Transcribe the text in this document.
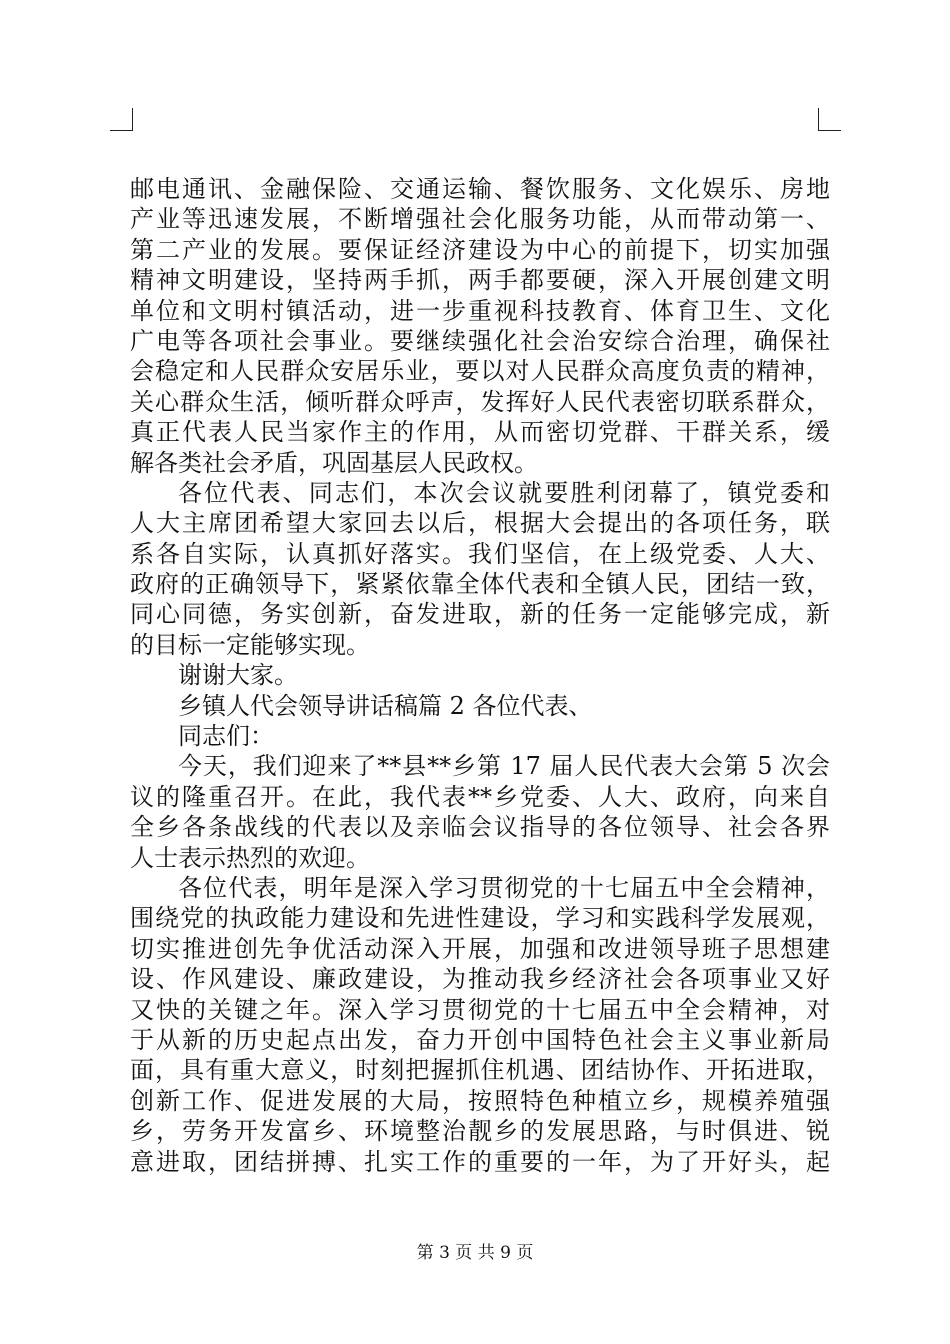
邮电通讯、金融保险、交通运输、餐饮服务、文化娱乐、房地
产业等迅速发展，不断增强社会化服务功能，从而带动第一、
第二产业的发展。要保证经济建设为中心的前提下，切实加强
精神文明建设，坚持两手抓，两手都要硬，深入开展创建文明
单位和文明村镇活动，进一步重视科技教育、体育卫生、文化
广电等各项社会事业。要继续强化社会治安综合治理，确保社
会稳定和人民群众安居乐业，要以对人民群众高度负责的精神，
关心群众生活，倾听群众呼声，发挥好人民代表密切联系群众，
真正代表人民当家作主的作用，从而密切党群、干群关系，缓
解各类社会矛盾，巩固基层人民政权。
各位代表、同志们，本次会议就要胜利闭幕了，镇党委和
人大主席团希望大家回去以后，根据大会提出的各项任务，联
系各自实际，认真抓好落实。我们坚信，在上级党委、人大、
政府的正确领导下，紧紧依靠全体代表和全镇人民，团结一致，
同心同德，务实创新，奋发进取，新的任务一定能够完成，新
的目标一定能够实现。
谢谢大家。
乡镇人代会领导讲话稿篇 2 各位代表、
同志们：
今天，我们迎来了**县**乡第 17 届人民代表大会第 5 次会
议的隆重召开。在此，我代表**乡党委、人大、政府，向来自
全乡各条战线的代表以及亲临会议指导的各位领导、社会各界
人士表示热烈的欢迎。
各位代表，明年是深入学习贯彻党的十七届五中全会精神，
围绕党的执政能力建设和先进性建设，学习和实践科学发展观，
切实推进创先争优活动深入开展，加强和改进领导班子思想建
设、作风建设、廉政建设，为推动我乡经济社会各项事业又好
又快的关键之年。深入学习贯彻党的十七届五中全会精神，对
于从新的历史起点出发，奋力开创中国特色社会主义事业新局
面，具有重大意义，时刻把握抓住机遇、团结协作、开拓进取，
创新工作、促进发展的大局，按照特色种植立乡，规模养殖强
乡，劳务开发富乡、环境整治靓乡的发展思路，与时俱进、锐
意进取，团结拼搏、扎实工作的重要的一年，为了开好头，起
第 3 页 共 9 页
